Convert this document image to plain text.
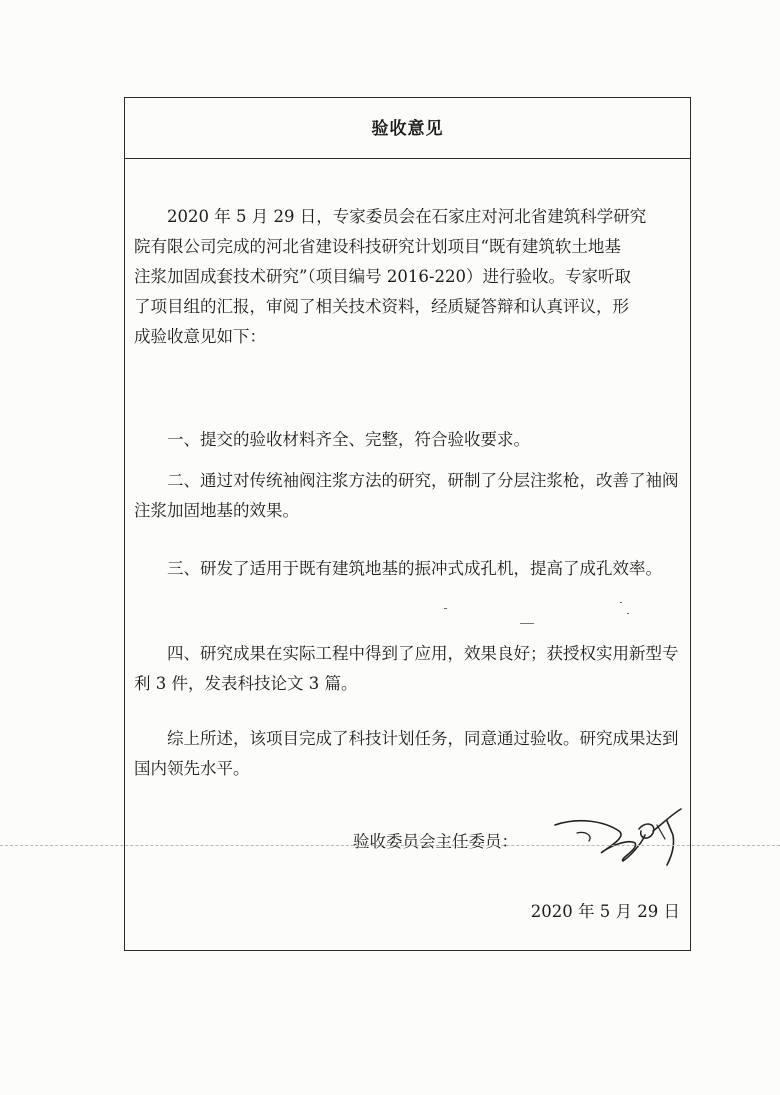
验收意见
2020 年 5 月 29 日，专家委员会在石家庄对河北省建筑科学研究
院有限公司完成的河北省建设科技研究计划项目“既有建筑软土地基
注浆加固成套技术研究”（项目编号 2016-220）进行验收。专家听取
了项目组的汇报，审阅了相关技术资料，经质疑答辩和认真评议，形
成验收意见如下：
一、提交的验收材料齐全、完整，符合验收要求。
二、通过对传统袖阀注浆方法的研究，研制了分层注浆枪，改善了袖阀注浆加固地基的效果。
三、研发了适用于既有建筑地基的振冲式成孔机，提高了成孔效率。
四、研究成果在实际工程中得到了应用，效果良好；获授权实用新型专利 3 件，发表科技论文 3 篇。
综上所述，该项目完成了科技计划任务，同意通过验收。研究成果达到国内领先水平。
验收委员会主任委员：
2020 年 5 月 29 日
